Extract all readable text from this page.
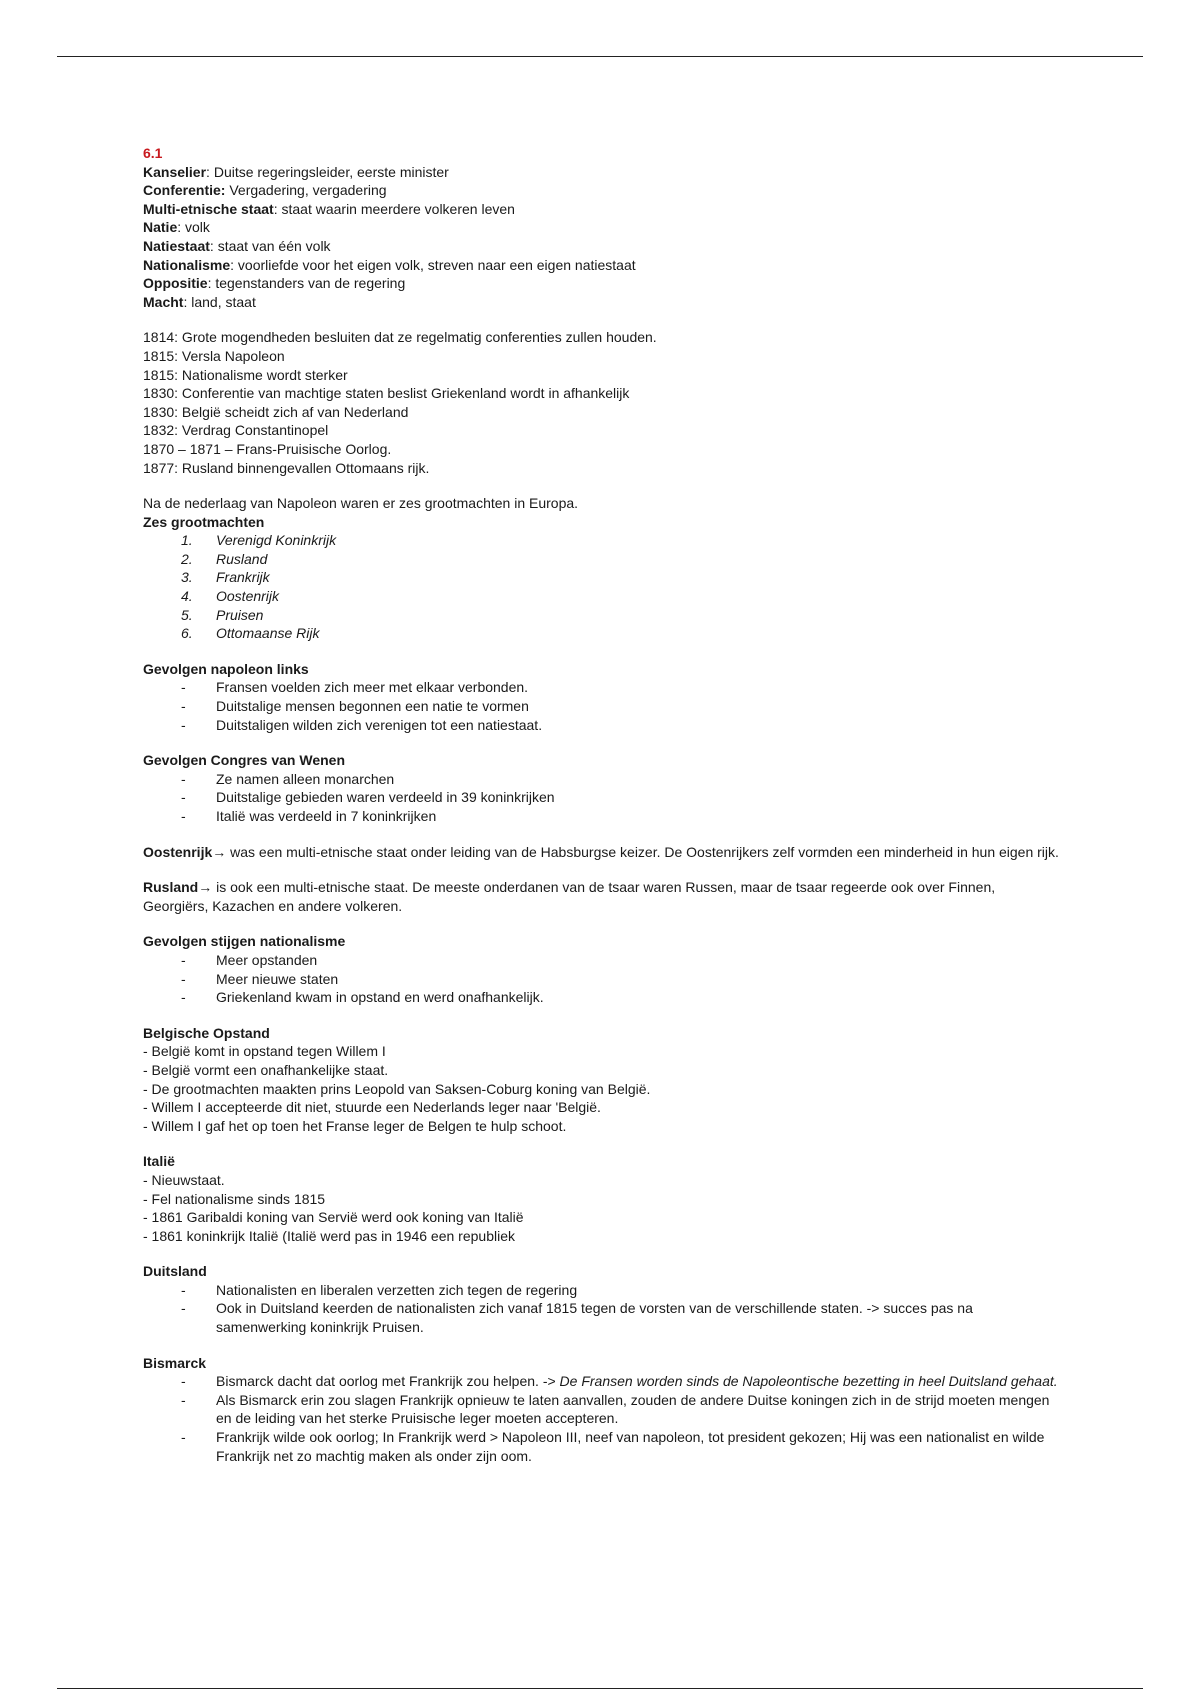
6.1
Kanselier: Duitse regeringsleider, eerste minister
Conferentie: Vergadering, vergadering
Multi-etnische staat: staat waarin meerdere volkeren leven
Natie: volk
Natiestaat: staat van één volk
Nationalisme: voorliefde voor het eigen volk, streven naar een eigen natiestaat
Oppositie: tegenstanders van de regering
Macht: land, staat
1814: Grote mogendheden besluiten dat ze regelmatig conferenties zullen houden.
1815: Versla Napoleon
1815: Nationalisme wordt sterker
1830: Conferentie van machtige staten beslist Griekenland wordt in afhankelijk
1830: België scheidt zich af van Nederland
1832: Verdrag Constantinopel
1870 – 1871 – Frans-Pruisische Oorlog.
1877: Rusland binnengevallen Ottomaans rijk.
Na de nederlaag van Napoleon waren er zes grootmachten in Europa.
Zes grootmachten
1.	Verenigd Koninkrijk
2.	Rusland
3.	Frankrijk
4.	Oostenrijk
5.	Pruisen
6.	Ottomaanse Rijk
Gevolgen napoleon links
-	Fransen voelden zich meer met elkaar verbonden.
-	Duitstalige mensen begonnen een natie te vormen
-	Duitstaligen wilden zich verenigen tot een natiestaat.
Gevolgen Congres van Wenen
-	Ze namen alleen monarchen
-	Duitstalige gebieden waren verdeeld in 39 koninkrijken
-	Italië was verdeeld in 7 koninkrijken
Oostenrijk→ was een multi-etnische staat onder leiding van de Habsburgse keizer. De Oostenrijkers zelf vormden een minderheid in hun eigen rijk.
Rusland→ is ook een multi-etnische staat. De meeste onderdanen van de tsaar waren Russen, maar de tsaar regeerde ook over Finnen, Georgiërs, Kazachen en andere volkeren.
Gevolgen stijgen nationalisme
-	Meer opstanden
-	Meer nieuwe staten
-	Griekenland kwam in opstand en werd onafhankelijk.
Belgische Opstand
- België komt in opstand tegen Willem I
- België vormt een onafhankelijke staat.
- De grootmachten maakten prins Leopold van Saksen-Coburg koning van België.
- Willem I accepteerde dit niet, stuurde een Nederlands leger naar 'België.
- Willem I gaf het op toen het Franse leger de Belgen te hulp schoot.
Italië
- Nieuwstaat.
- Fel nationalisme sinds 1815
- 1861 Garibaldi koning van Servië werd ook koning van Italië
- 1861 koninkrijk Italië (Italië werd pas in 1946 een republiek
Duitsland
-	Nationalisten en liberalen verzetten zich tegen de regering
-	Ook in Duitsland keerden de nationalisten zich vanaf 1815 tegen de vorsten van de verschillende staten. -> succes pas na samenwerking koninkrijk Pruisen.
Bismarck
-	Bismarck dacht dat oorlog met Frankrijk zou helpen. -> De Fransen worden sinds de Napoleontische bezetting in heel Duitsland gehaat.
-	Als Bismarck erin zou slagen Frankrijk opnieuw te laten aanvallen, zouden de andere Duitse koningen zich in de strijd moeten mengen en de leiding van het sterke Pruisische leger moeten accepteren.
-	Frankrijk wilde ook oorlog; In Frankrijk werd > Napoleon III, neef van napoleon, tot president gekozen; Hij was een nationalist en wilde Frankrijk net zo machtig maken als onder zijn oom.
